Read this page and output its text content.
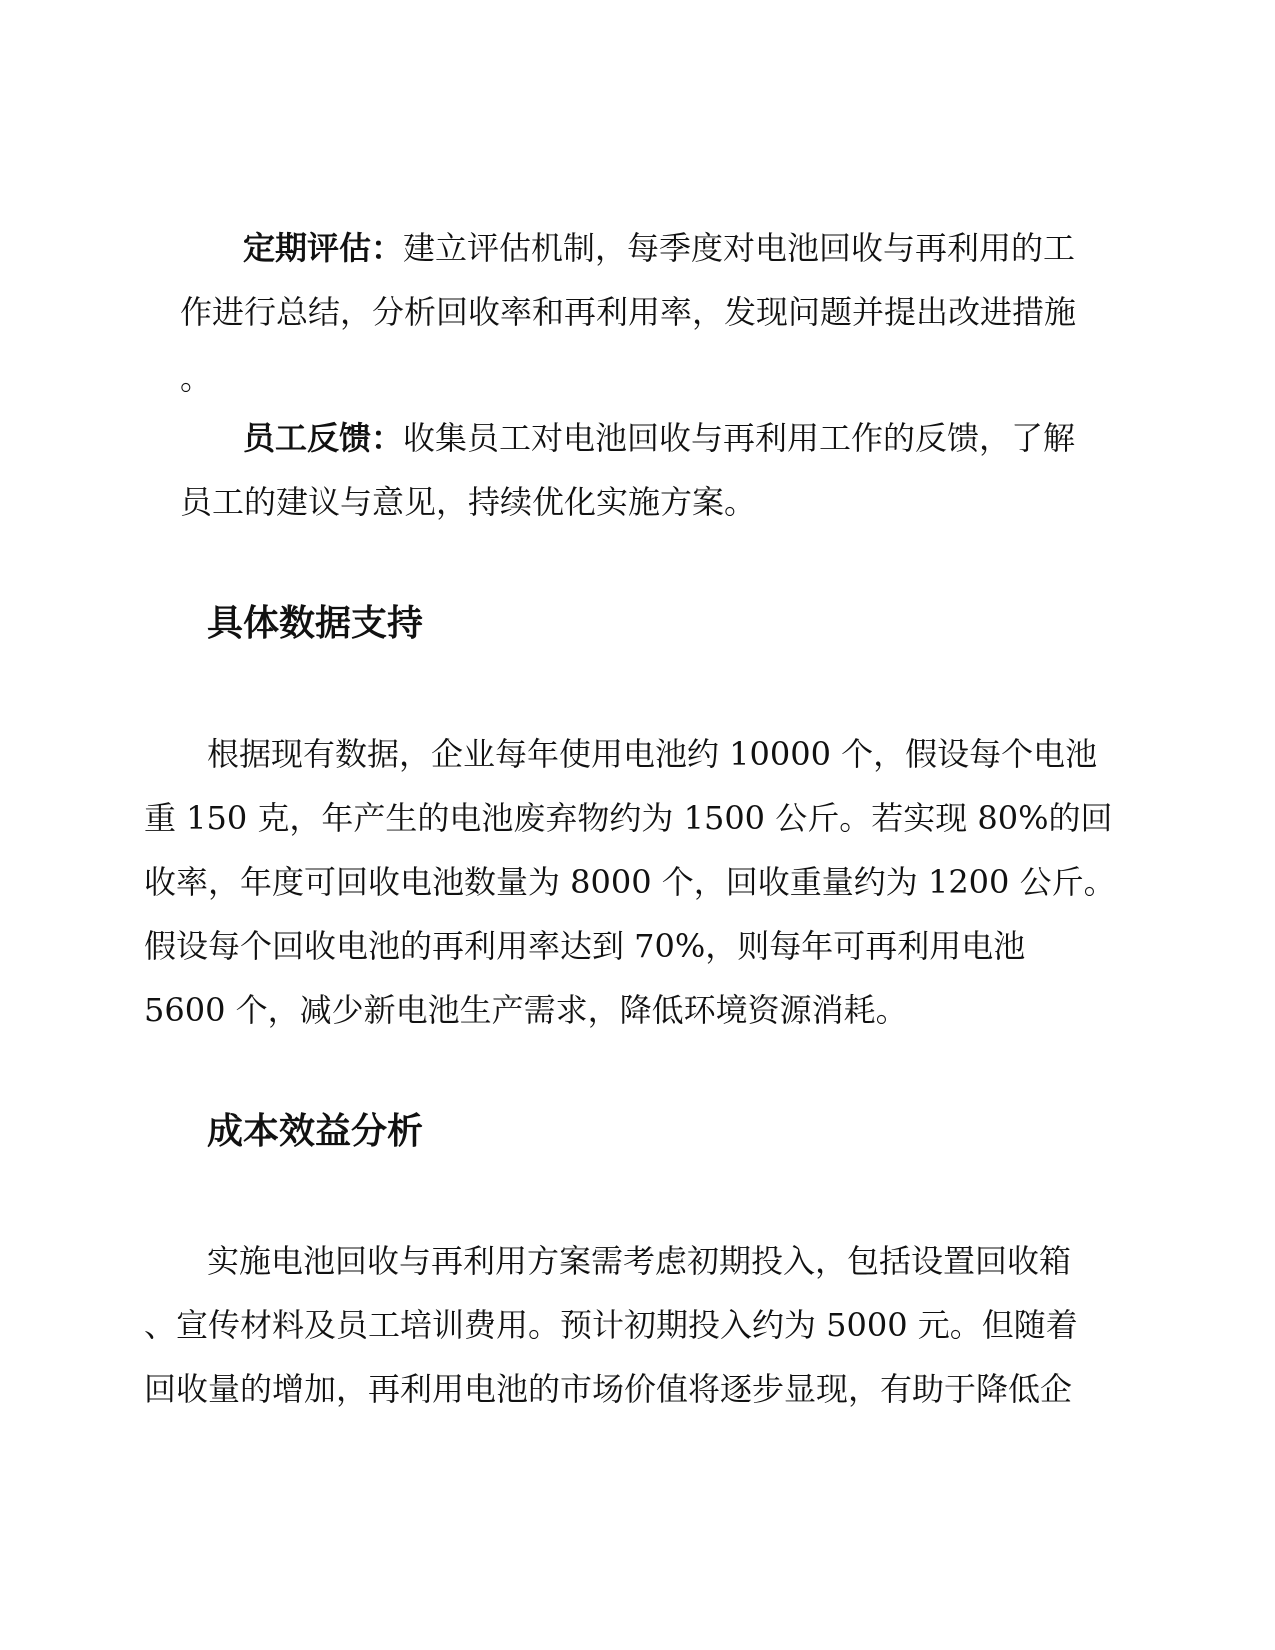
定期评估：建立评估机制，每季度对电池回收与再利用的工
作进行总结，分析回收率和再利用率，发现问题并提出改进措施
。
员工反馈：收集员工对电池回收与再利用工作的反馈，了解
员工的建议与意见，持续优化实施方案。
具体数据支持
根据现有数据，企业每年使用电池约 10000 个，假设每个电池
重 150 克，年产生的电池废弃物约为 1500 公斤。若实现 80%的回
收率，年度可回收电池数量为 8000 个，回收重量约为 1200 公斤。
假设每个回收电池的再利用率达到 70%，则每年可再利用电池
5600 个，减少新电池生产需求，降低环境资源消耗。
成本效益分析
实施电池回收与再利用方案需考虑初期投入，包括设置回收箱
、宣传材料及员工培训费用。预计初期投入约为 5000 元。但随着
回收量的增加，再利用电池的市场价值将逐步显现，有助于降低企
